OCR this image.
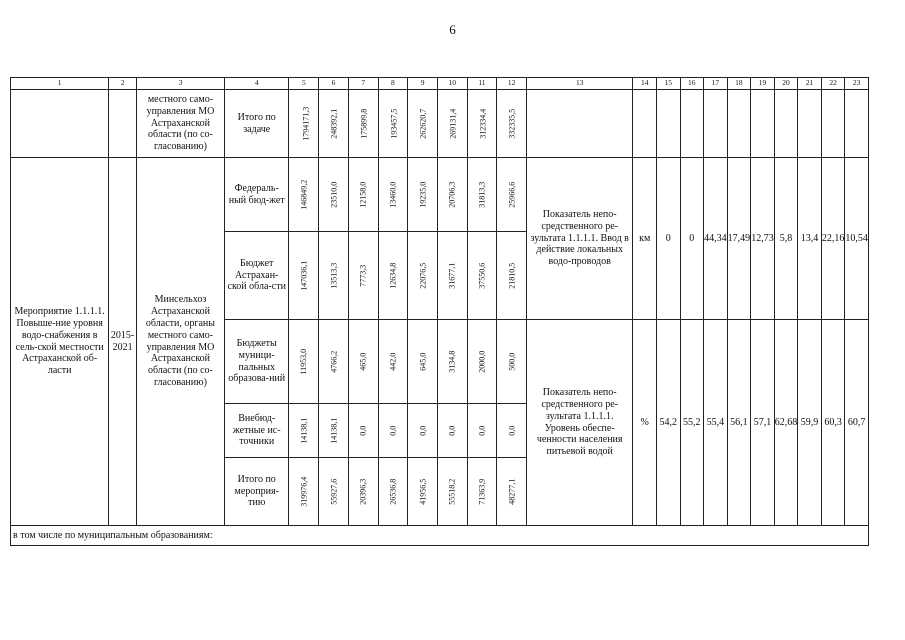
6
1	2	3	4	5	6	7	8	9	10	11	12	13	14	15	16	17	18	19	20	21	22	23
		местного само-управления МО Астраханской области (по со-гласованию)	Итого по задаче	1794171,3	248392,1	175899,8	193457,5	262620,7	269131,4	312334,4	332335,5											
Мероприятие 1.1.1.1. Повыше-ние уровня водо-снабжения в сель-ской местности Астраханской об-ласти	2015-2021	Минсельхоз Астраханской области, органы местного само-управления МО Астраханской области (по со-гласованию)	Федераль-ный бюд-жет	146849,2	23510,0	12158,0	13460,0	19235,0	20706,3	31813,3	25966,6	Показатель непо-средственного ре-зультата 1.1.1.1. Ввод в действие локальных водо-проводов	км	0	0	44,34	17,49	12,73	5,8	13,4	22,16	10,54
			Бюджет Астрахан-ской обла-сти	147036,1	13513,3	7773,3	12634,8	22076,5	31677,1	37550,6	21810,5											
			Бюджеты муници-пальных образова-ний	11953,0	4766,2	465,0	442,0	645,0	3134,8	2000,0	500,0	Показатель непо-средственного ре-зультата 1.1.1.1. Уровень обеспе-ченности населения питьевой водой	%	54,2	55,2	55,4	56,1	57,1	62,68	59,9	60,3	60,7
			Внебюд-жетные ис-точники	14138,1	14138,1	0,0	0,0	0,0	0,0	0,0	0,0											
			Итого по мероприя-тию	319976,4	55927,6	20396,3	26536,8	41956,5	55518,2	71363,9	48277,1											
в том числе по муниципальным образованиям:																						
